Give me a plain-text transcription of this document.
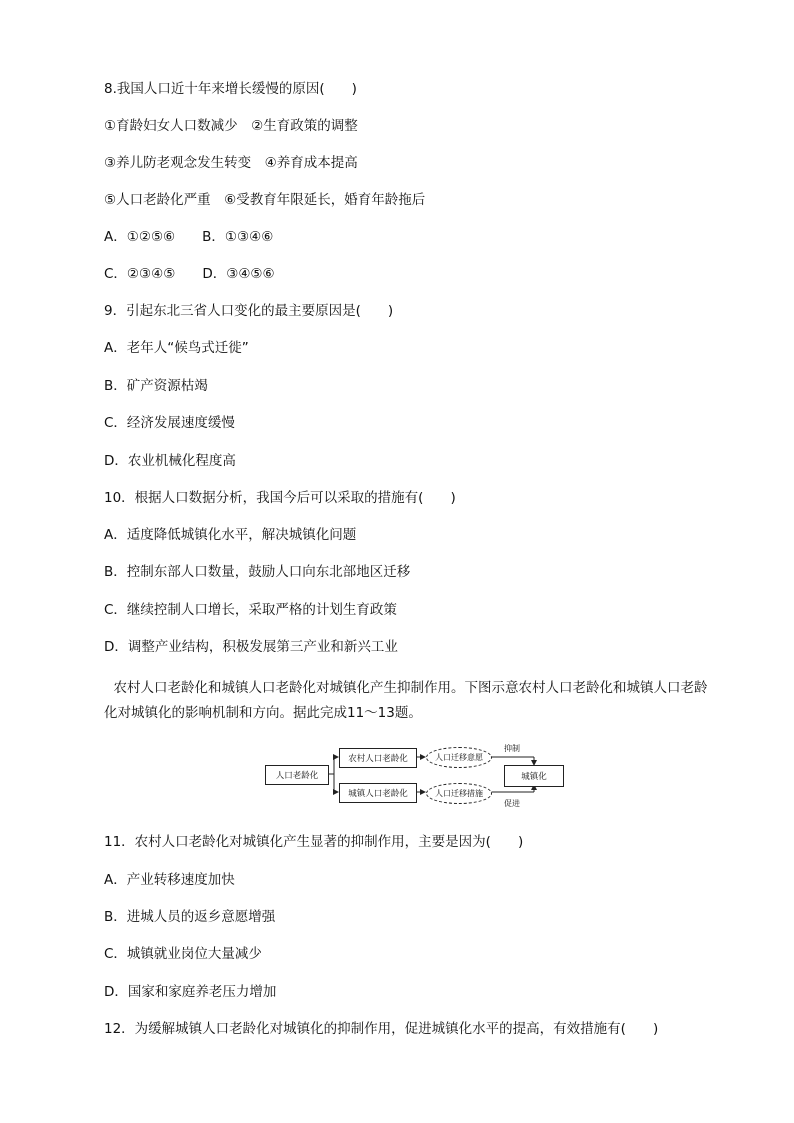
8.我国人口近十年来增长缓慢的原因(　　)
①育龄妇女人口数减少　②生育政策的调整
③养儿防老观念发生转变　④养育成本提高
⑤人口老龄化严重　⑥受教育年限延长，婚育年龄拖后
A．①②⑤⑥　　B．①③④⑥
C．②③④⑤　　D．③④⑤⑥
9．引起东北三省人口变化的最主要原因是(　　)
A．老年人“候鸟式迁徙”
B．矿产资源枯竭
C．经济发展速度缓慢
D．农业机械化程度高
10．根据人口数据分析，我国今后可以采取的措施有(　　)
A．适度降低城镇化水平，解决城镇化问题
B．控制东部人口数量，鼓励人口向东北部地区迁移
C．继续控制人口增长，采取严格的计划生育政策
D．调整产业结构，积极发展第三产业和新兴工业
农村人口老龄化和城镇人口老龄化对城镇化产生抑制作用。下图示意农村人口老龄化和城镇人口老龄
化对城镇化的影响机制和方向。据此完成11～13题。
人口老龄化
农村人口老龄化
城镇人口老龄化
人口迁移意愿
人口迁移措施
城镇化
抑制
促进
11．农村人口老龄化对城镇化产生显著的抑制作用，主要是因为(　　)
A．产业转移速度加快
B．进城人员的返乡意愿增强
C．城镇就业岗位大量减少
D．国家和家庭养老压力增加
12．为缓解城镇人口老龄化对城镇化的抑制作用，促进城镇化水平的提高，有效措施有(　　)
